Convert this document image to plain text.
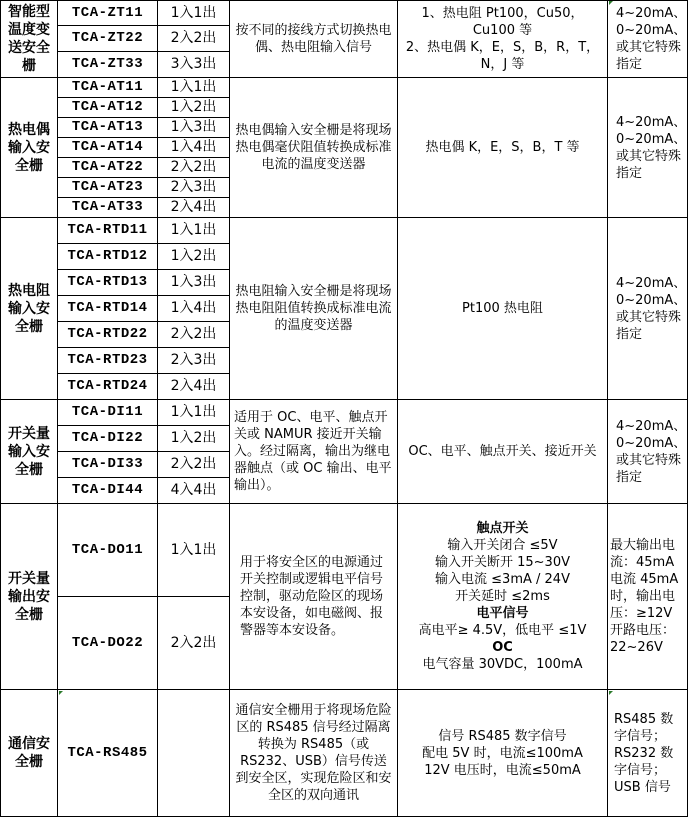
智能型温度变送安全栅
TCA-ZT11 1入1出
TCA-ZT22 2入2出
TCA-ZT33 3入3出
按不同的接线方式切换热电偶、热电阻输入信号
1、热电阻 Pt100，Cu50，Cu100 等
2、热电偶 K，E，S，B，R，T，N，J 等
4~20mA、0~20mA、或其它特殊指定
热电偶输入安全栅
TCA-AT11 1入1出
TCA-AT12 1入2出
TCA-AT13 1入3出
TCA-AT14 1入4出
TCA-AT22 2入2出
TCA-AT23 2入3出
TCA-AT33 2入4出
热电偶输入安全栅是将现场热电偶毫伏阻值转换成标准电流的温度变送器
热电偶 K，E，S，B，T 等
4~20mA、0~20mA、或其它特殊指定
热电阻输入安全栅
TCA-RTD11 1入1出
TCA-RTD12 1入2出
TCA-RTD13 1入3出
TCA-RTD14 1入4出
TCA-RTD22 2入2出
TCA-RTD23 2入3出
TCA-RTD24 2入4出
热电阻输入安全栅是将现场热电阻阻值转换成标准电流的温度变送器
Pt100 热电阻
4~20mA、0~20mA、或其它特殊指定
开关量输入安全栅
TCA-DI11 1入1出
TCA-DI22 1入2出
TCA-DI33 2入2出
TCA-DI44 4入4出
适用于 OC、电平、触点开关或 NAMUR 接近开关输入。经过隔离，输出为继电器触点（或 OC 输出、电平输出）。
OC、电平、触点开关、接近开关
4~20mA、0~20mA、或其它特殊指定
开关量输出安全栅
TCA-DO11 1入1出
TCA-DO22 2入2出
用于将安全区的电源通过开关控制或逻辑电平信号控制，驱动危险区的现场本安设备，如电磁阀、报警器等本安设备。
触点开关
输入开关闭合 ≤5V
输入开关断开 15~30V
输入电流 ≤3mA / 24V
开关延时 ≤2ms
电平信号
高电平≥ 4.5V，低电平 ≤1V
OC
电气容量 30VDC，100mA
最大输出电流：45mA
电流 45mA 时，输出电压：≥12V
开路电压：22~26V
通信安全栅
TCA-RS485
通信安全栅用于将现场危险区的 RS485 信号经过隔离转换为 RS485（或 RS232、USB）信号传送到安全区，实现危险区和安全区的双向通讯
信号 RS485 数字信号
配电 5V 时，电流≤100mA
12V 电压时，电流≤50mA
RS485 数字信号；RS232 数字信号；USB 信号
